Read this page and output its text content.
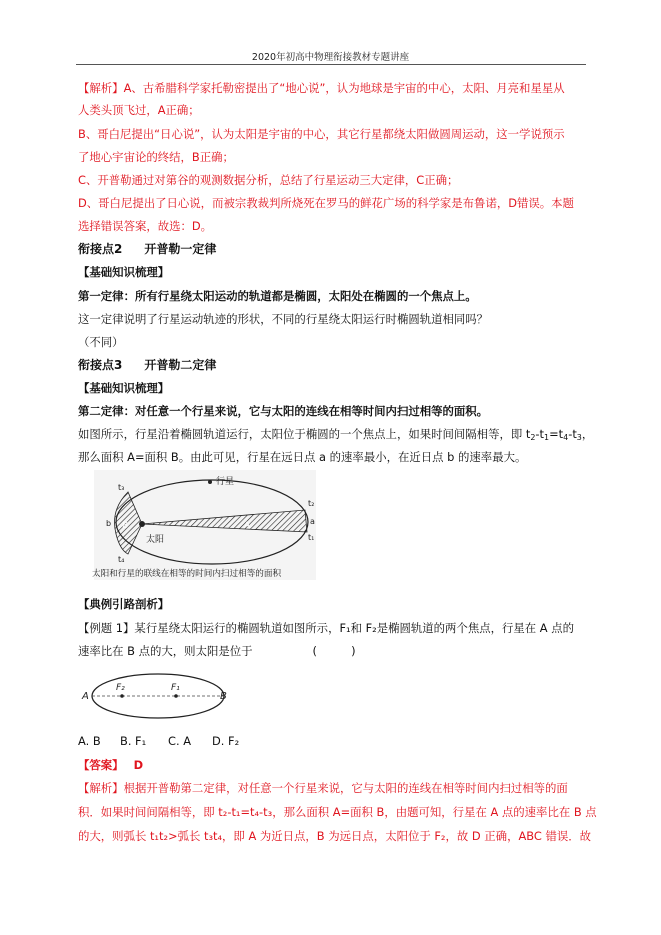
2020年初高中物理衔接教材专题讲座
【解析】A、古希腊科学家托勒密提出了“地心说”，认为地球是宇宙的中心，太阳、月亮和星星从
人类头顶飞过，A正确；
B、哥白尼提出“日心说”，认为太阳是宇宙的中心，其它行星都绕太阳做圆周运动，这一学说预示
了地心宇宙论的终结，B正确；
C、开普勒通过对第谷的观测数据分析，总结了行星运动三大定律，C正确；
D、哥白尼提出了日心说，而被宗教裁判所烧死在罗马的鲜花广场的科学家是布鲁诺，D错误。本题
选择错误答案，故选：D。
衔接点2 开普勒一定律
【基础知识梳理】
第一定律：所有行星绕太阳运动的轨道都是椭圆，太阳处在椭圆的一个焦点上。
这一定律说明了行星运动轨迹的形状，不同的行星绕太阳运行时椭圆轨道相同吗？
（不同）
衔接点3 开普勒二定律
【基础知识梳理】
第二定律：对任意一个行星来说，它与太阳的连线在相等时间内扫过相等的面积。
如图所示，行星沿着椭圆轨道运行，太阳位于椭圆的一个焦点上，如果时间间隔相等，即 t2-t1=t4-t3，
那么面积 A=面积 B。由此可见，行星在远日点 a 的速率最小，在近日点 b 的速率最大。
行星
太阳
A
B
t₂
t₁
a
t₃
t₄
b
太阳和行星的联线在相等的时间内扫过相等的面积
【典例引路剖析】
【例题 1】某行星绕太阳运行的椭圆轨道如图所示，F₁和 F₂是椭圆轨道的两个焦点，行星在 A 点的
速率比在 B 点的大，则太阳是位于	(　　　)
A	B
F₂	F₁
A. B B. F₁ C. A D. F₂
【答案】 D
【解析】根据开普勒第二定律，对任意一个行星来说，它与太阳的连线在相等时间内扫过相等的面
积．如果时间间隔相等，即 t₂-t₁=t₄-t₃，那么面积 A=面积 B，由题可知，行星在 A 点的速率比在 B 点
的大，则弧长 t₁t₂>弧长 t₃t₄，即 A 为近日点，B 为远日点，太阳位于 F₂，故 D 正确，ABC 错误．故
